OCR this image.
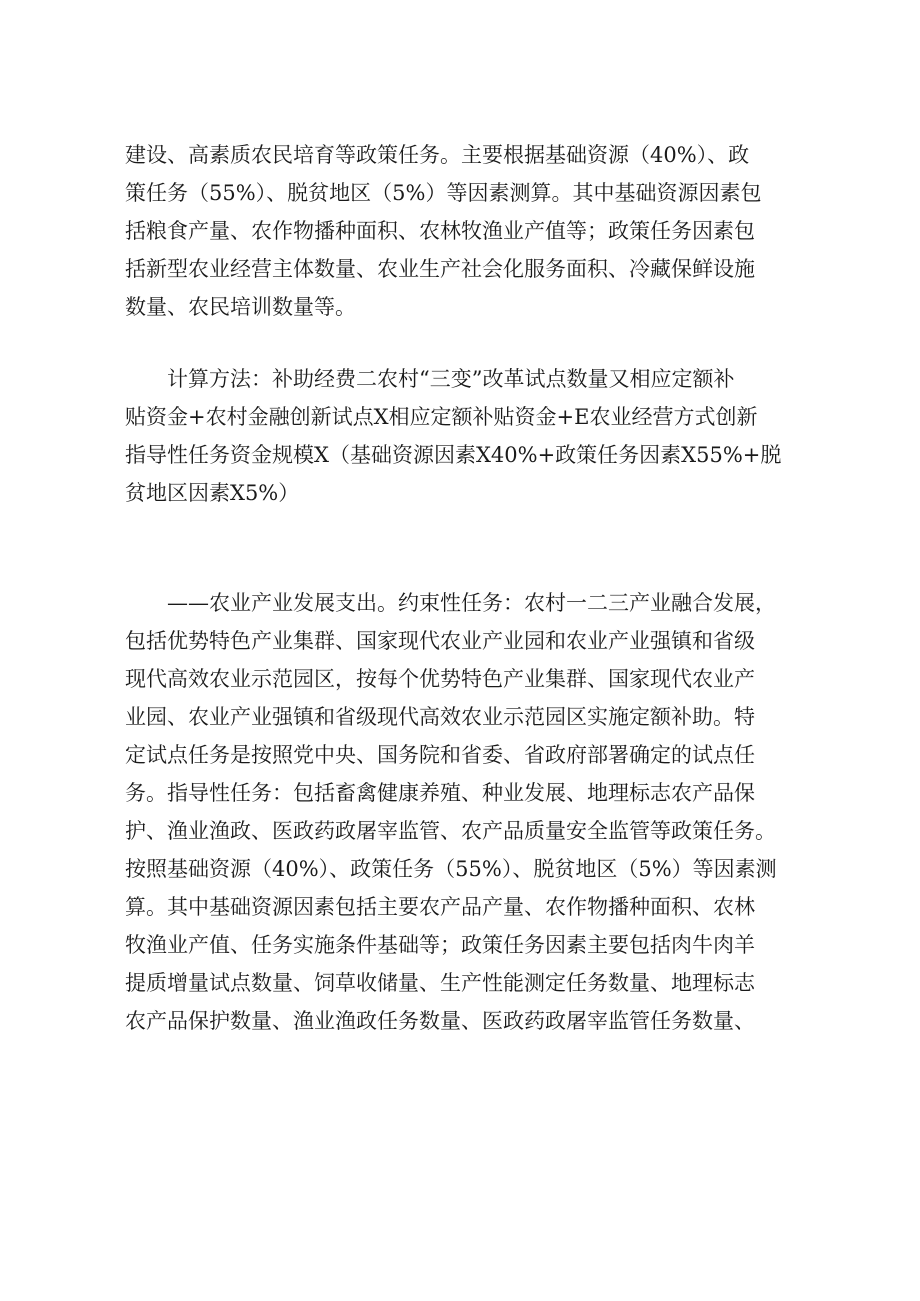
建设、高素质农民培育等政策任务。主要根据基础资源（40%）、政
策任务（55%）、脱贫地区（5%）等因素测算。其中基础资源因素包
括粮食产量、农作物播种面积、农林牧渔业产值等；政策任务因素包
括新型农业经营主体数量、农业生产社会化服务面积、冷藏保鲜设施
数量、农民培训数量等。
计算方法：补助经费二农村“三变”改革试点数量又相应定额补
贴资金+农村金融创新试点X相应定额补贴资金+E农业经营方式创新
指导性任务资金规模X（基础资源因素X40%+政策任务因素X55%+脱
贫地区因素X5%）
——农业产业发展支出。约束性任务：农村一二三产业融合发展，
包括优势特色产业集群、国家现代农业产业园和农业产业强镇和省级
现代高效农业示范园区，按每个优势特色产业集群、国家现代农业产
业园、农业产业强镇和省级现代高效农业示范园区实施定额补助。特
定试点任务是按照党中央、国务院和省委、省政府部署确定的试点任
务。指导性任务：包括畜禽健康养殖、种业发展、地理标志农产品保
护、渔业渔政、医政药政屠宰监管、农产品质量安全监管等政策任务。
按照基础资源（40%）、政策任务（55%）、脱贫地区（5%）等因素测
算。其中基础资源因素包括主要农产品产量、农作物播种面积、农林
牧渔业产值、任务实施条件基础等；政策任务因素主要包括肉牛肉羊
提质增量试点数量、饲草收储量、生产性能测定任务数量、地理标志
农产品保护数量、渔业渔政任务数量、医政药政屠宰监管任务数量、
